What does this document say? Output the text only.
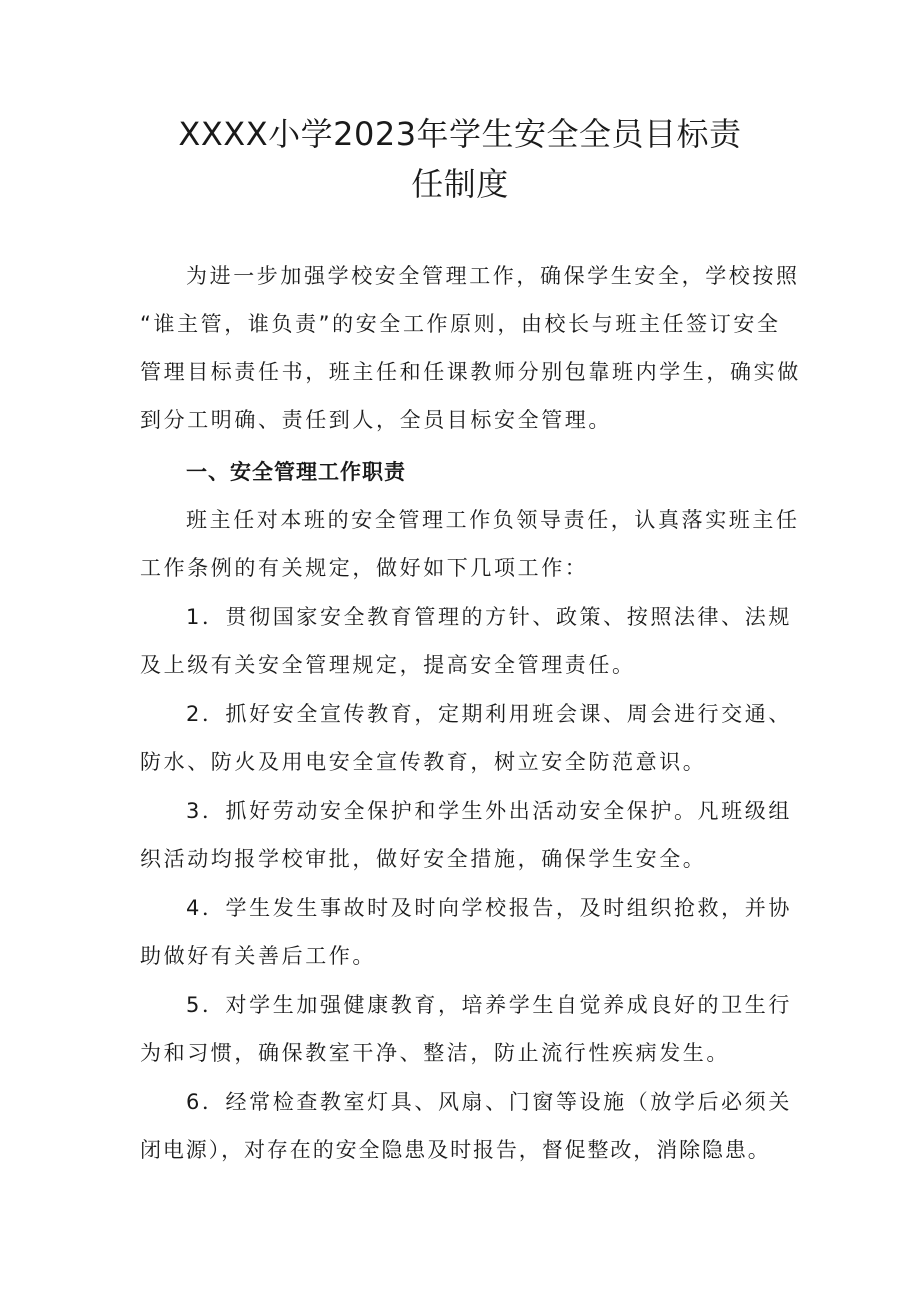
XXXX小学2023年学生安全全员目标责
任制度

为进一步加强学校安全管理工作，确保学生安全，学校按照
“谁主管，谁负责”的安全工作原则，由校长与班主任签订安全
管理目标责任书，班主任和任课教师分别包靠班内学生，确实做
到分工明确、责任到人，全员目标安全管理。

一、安全管理工作职责

班主任对本班的安全管理工作负领导责任，认真落实班主任
工作条例的有关规定，做好如下几项工作：

1．贯彻国家安全教育管理的方针、政策、按照法律、法规
及上级有关安全管理规定，提高安全管理责任。

2．抓好安全宣传教育，定期利用班会课、周会进行交通、
防水、防火及用电安全宣传教育，树立安全防范意识。

3．抓好劳动安全保护和学生外出活动安全保护。凡班级组
织活动均报学校审批，做好安全措施，确保学生安全。

4．学生发生事故时及时向学校报告，及时组织抢救，并协
助做好有关善后工作。

5．对学生加强健康教育，培养学生自觉养成良好的卫生行
为和习惯，确保教室干净、整洁，防止流行性疾病发生。

6．经常检查教室灯具、风扇、门窗等设施（放学后必须关
闭电源），对存在的安全隐患及时报告，督促整改，消除隐患。
